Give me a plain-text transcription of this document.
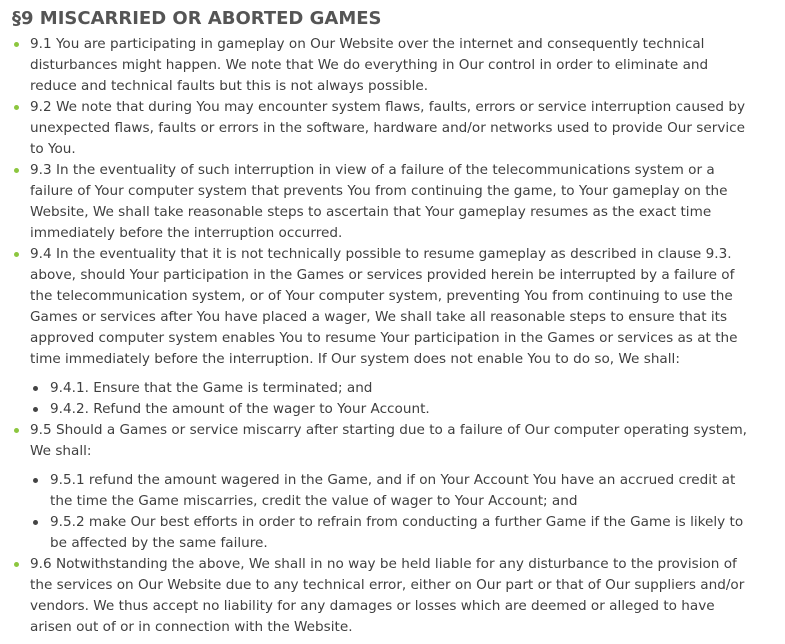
§9 MISCARRIED OR ABORTED GAMES
9.1 You are participating in gameplay on Our Website over the internet and consequently technical disturbances might happen. We note that We do everything in Our control in order to eliminate and reduce and technical faults but this is not always possible.
9.2 We note that during You may encounter system flaws, faults, errors or service interruption caused by unexpected flaws, faults or errors in the software, hardware and/or networks used to provide Our service to You.
9.3 In the eventuality of such interruption in view of a failure of the telecommunications system or a failure of Your computer system that prevents You from continuing the game, to Your gameplay on the Website, We shall take reasonable steps to ascertain that Your gameplay resumes as the exact time immediately before the interruption occurred.
9.4 In the eventuality that it is not technically possible to resume gameplay as described in clause 9.3. above, should Your participation in the Games or services provided herein be interrupted by a failure of the telecommunication system, or of Your computer system, preventing You from continuing to use the Games or services after You have placed a wager, We shall take all reasonable steps to ensure that its approved computer system enables You to resume Your participation in the Games or services as at the time immediately before the interruption. If Our system does not enable You to do so, We shall:
9.4.1. Ensure that the Game is terminated; and
9.4.2. Refund the amount of the wager to Your Account.
9.5 Should a Games or service miscarry after starting due to a failure of Our computer operating system, We shall:
9.5.1 refund the amount wagered in the Game, and if on Your Account You have an accrued credit at the time the Game miscarries, credit the value of wager to Your Account; and
9.5.2 make Our best efforts in order to refrain from conducting a further Game if the Game is likely to be affected by the same failure.
9.6 Notwithstanding the above, We shall in no way be held liable for any disturbance to the provision of the services on Our Website due to any technical error, either on Our part or that of Our suppliers and/or vendors. We thus accept no liability for any damages or losses which are deemed or alleged to have arisen out of or in connection with the Website.
